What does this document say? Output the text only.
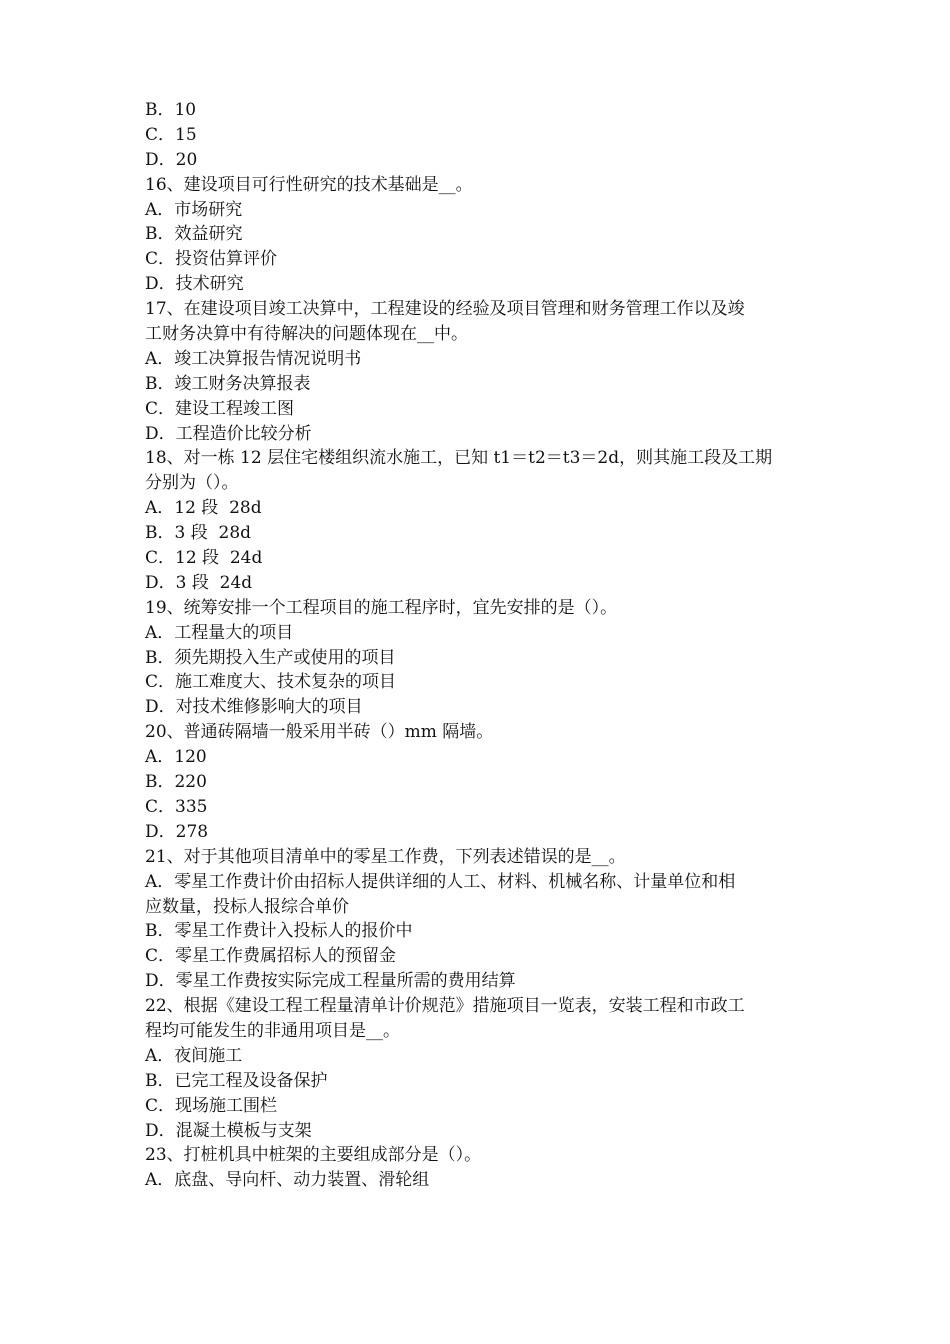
B．10
C．15
D．20
16、建设项目可行性研究的技术基础是__。
A．市场研究
B．效益研究
C．投资估算评价
D．技术研究
17、在建设项目竣工决算中，工程建设的经验及项目管理和财务管理工作以及竣
工财务决算中有待解决的问题体现在__中。
A．竣工决算报告情况说明书
B．竣工财务决算报表
C．建设工程竣工图
D．工程造价比较分析
18、对一栋 12 层住宅楼组织流水施工，已知 t1＝t2＝t3＝2d，则其施工段及工期
分别为（）。
A．12 段  28d
B．3 段  28d
C．12 段  24d
D．3 段  24d
19、统筹安排一个工程项目的施工程序时，宜先安排的是（）。
A．工程量大的项目
B．须先期投入生产或使用的项目
C．施工难度大、技术复杂的项目
D．对技术维修影响大的项目
20、普通砖隔墙一般采用半砖（）mm 隔墙。
A．120
B．220
C．335
D．278
21、对于其他项目清单中的零星工作费，下列表述错误的是__。
A．零星工作费计价由招标人提供详细的人工、材料、机械名称、计量单位和相
应数量，投标人报综合单价
B．零星工作费计入投标人的报价中
C．零星工作费属招标人的预留金
D．零星工作费按实际完成工程量所需的费用结算
22、根据《建设工程工程量清单计价规范》措施项目一览表，安装工程和市政工
程均可能发生的非通用项目是__。
A．夜间施工
B．已完工程及设备保护
C．现场施工围栏
D．混凝土模板与支架
23、打桩机具中桩架的主要组成部分是（）。
A．底盘、导向杆、动力装置、滑轮组
